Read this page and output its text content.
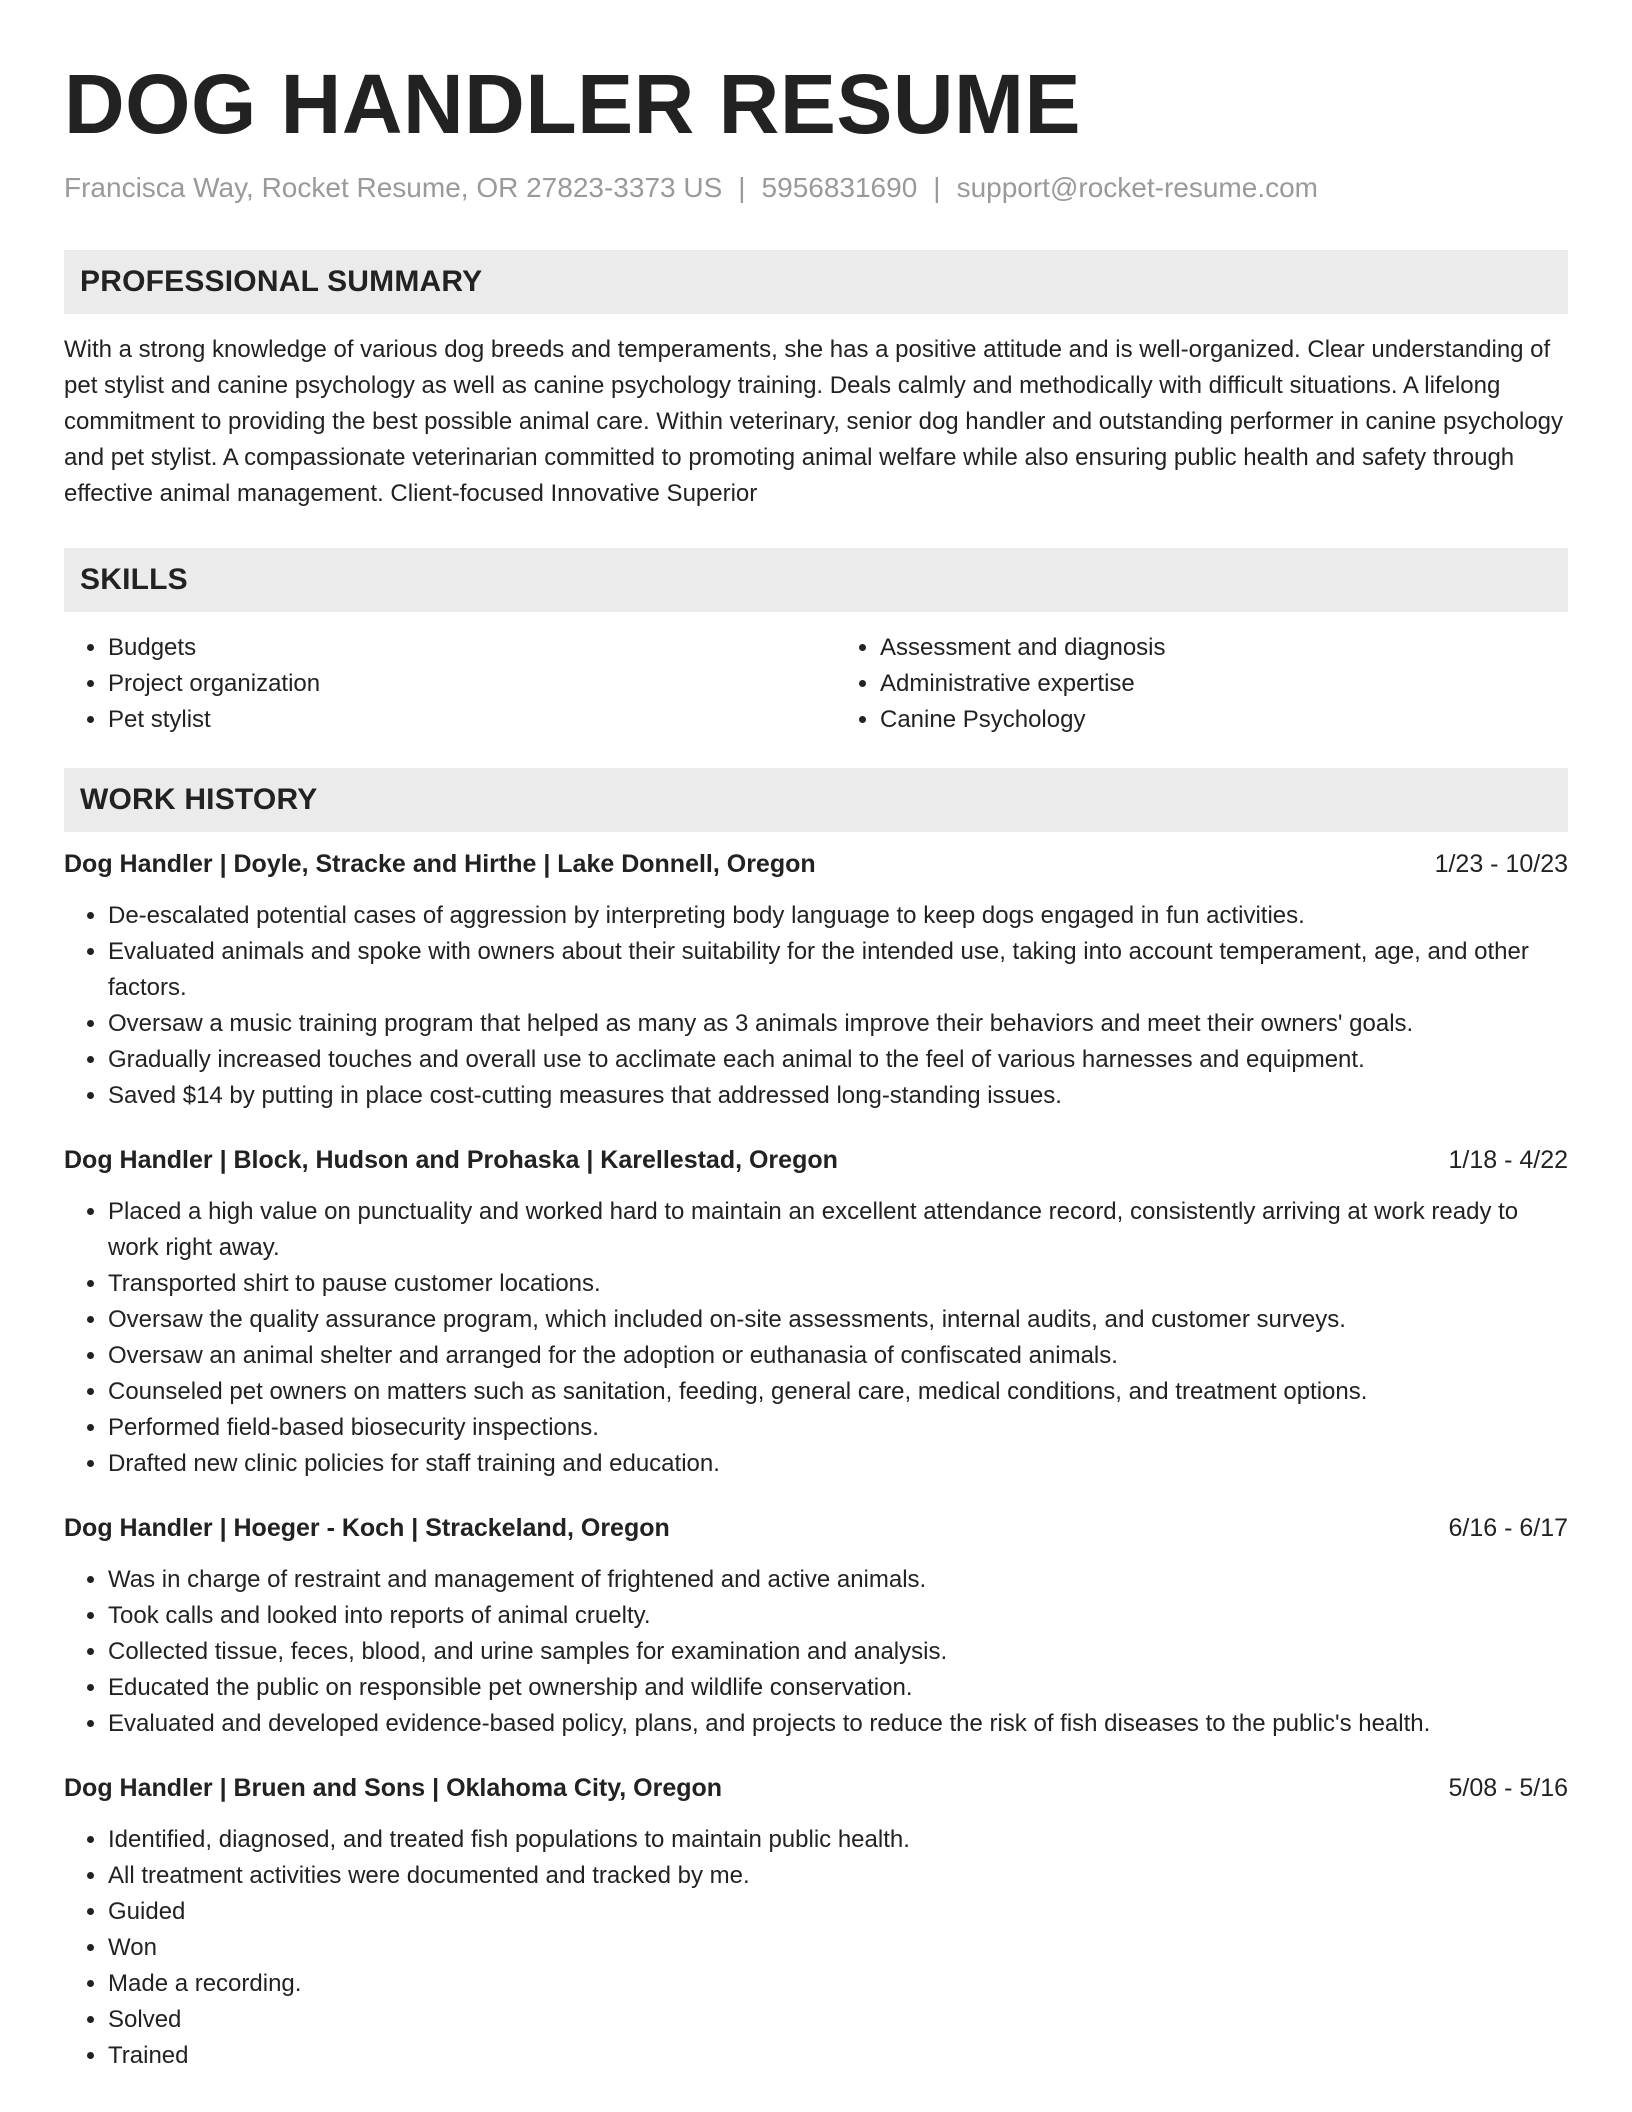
DOG HANDLER RESUME
Francisca Way, Rocket Resume, OR 27823-3373 US | 5956831690 | support@rocket-resume.com
PROFESSIONAL SUMMARY
With a strong knowledge of various dog breeds and temperaments, she has a positive attitude and is well-organized. Clear understanding of pet stylist and canine psychology as well as canine psychology training. Deals calmly and methodically with difficult situations. A lifelong commitment to providing the best possible animal care. Within veterinary, senior dog handler and outstanding performer in canine psychology and pet stylist. A compassionate veterinarian committed to promoting animal welfare while also ensuring public health and safety through effective animal management. Client-focused Innovative Superior
SKILLS
• Budgets
• Project organization
• Pet stylist
• Assessment and diagnosis
• Administrative expertise
• Canine Psychology
WORK HISTORY
Dog Handler | Doyle, Stracke and Hirthe | Lake Donnell, Oregon	1/23 - 10/23
• De-escalated potential cases of aggression by interpreting body language to keep dogs engaged in fun activities.
• Evaluated animals and spoke with owners about their suitability for the intended use, taking into account temperament, age, and other factors.
• Oversaw a music training program that helped as many as 3 animals improve their behaviors and meet their owners' goals.
• Gradually increased touches and overall use to acclimate each animal to the feel of various harnesses and equipment.
• Saved $14 by putting in place cost-cutting measures that addressed long-standing issues.
Dog Handler | Block, Hudson and Prohaska | Karellestad, Oregon	1/18 - 4/22
• Placed a high value on punctuality and worked hard to maintain an excellent attendance record, consistently arriving at work ready to work right away.
• Transported shirt to pause customer locations.
• Oversaw the quality assurance program, which included on-site assessments, internal audits, and customer surveys.
• Oversaw an animal shelter and arranged for the adoption or euthanasia of confiscated animals.
• Counseled pet owners on matters such as sanitation, feeding, general care, medical conditions, and treatment options.
• Performed field-based biosecurity inspections.
• Drafted new clinic policies for staff training and education.
Dog Handler | Hoeger - Koch | Strackeland, Oregon	6/16 - 6/17
• Was in charge of restraint and management of frightened and active animals.
• Took calls and looked into reports of animal cruelty.
• Collected tissue, feces, blood, and urine samples for examination and analysis.
• Educated the public on responsible pet ownership and wildlife conservation.
• Evaluated and developed evidence-based policy, plans, and projects to reduce the risk of fish diseases to the public's health.
Dog Handler | Bruen and Sons | Oklahoma City, Oregon	5/08 - 5/16
• Identified, diagnosed, and treated fish populations to maintain public health.
• All treatment activities were documented and tracked by me.
• Guided
• Won
• Made a recording.
• Solved
• Trained
